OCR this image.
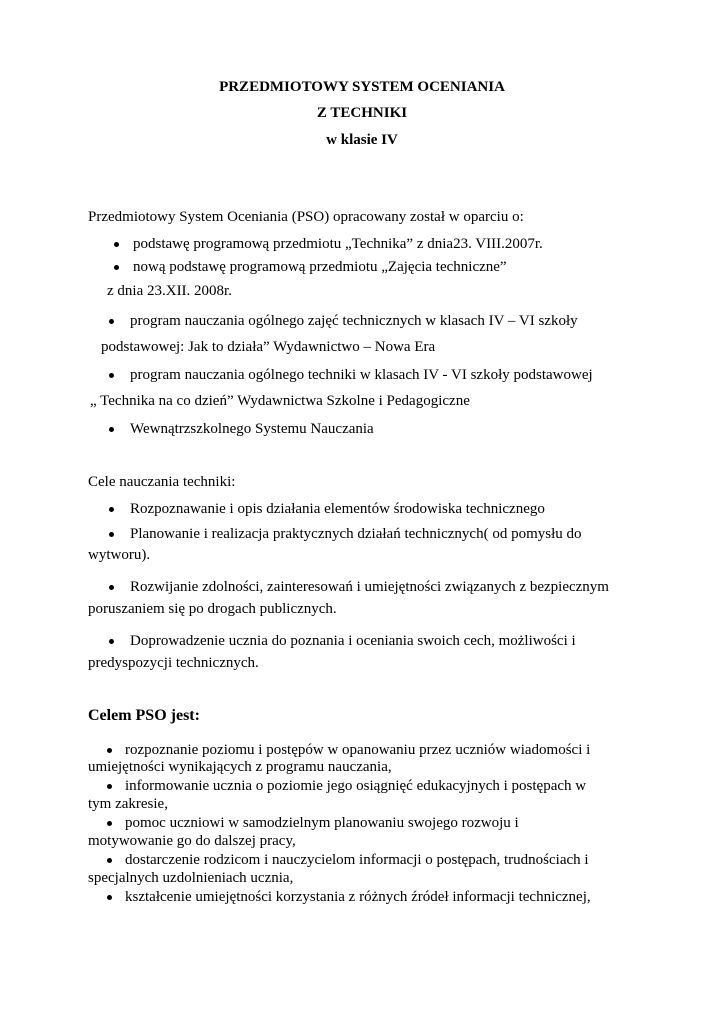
PRZEDMIOTOWY SYSTEM OCENIANIA
Z TECHNIKI
w klasie IV
Przedmiotowy System Oceniania (PSO) opracowany został w oparciu o:
podstawę programową przedmiotu „Technika” z dnia23. VIII.2007r.
nową podstawę programową przedmiotu „Zajęcia techniczne”
z dnia 23.XII. 2008r.
program nauczania ogólnego zajęć technicznych w klasach IV – VI szkoły
podstawowej: Jak to działa” Wydawnictwo – Nowa Era
program nauczania ogólnego techniki w klasach IV - VI szkoły podstawowej
„ Technika na co dzień” Wydawnictwa Szkolne i Pedagogiczne
Wewnątrzszkolnego Systemu Nauczania
Cele nauczania techniki:
Rozpoznawanie i opis działania elementów środowiska technicznego
Planowanie i realizacja praktycznych działań technicznych( od pomysłu do
wytworu).
Rozwijanie zdolności, zainteresowań i umiejętności związanych z bezpiecznym
poruszaniem się po drogach publicznych.
Doprowadzenie ucznia do poznania i oceniania swoich cech, możliwości i
predyspozycji technicznych.
Celem PSO jest:
rozpoznanie poziomu i postępów w opanowaniu przez uczniów wiadomości i
umiejętności wynikających z programu nauczania,
informowanie ucznia o poziomie jego osiągnięć edukacyjnych i postępach w
tym zakresie,
pomoc uczniowi w samodzielnym planowaniu swojego rozwoju i
motywowanie go do dalszej pracy,
dostarczenie rodzicom i nauczycielom informacji o postępach, trudnościach i
specjalnych uzdolnieniach ucznia,
kształcenie umiejętności korzystania z różnych źródeł informacji technicznej,
